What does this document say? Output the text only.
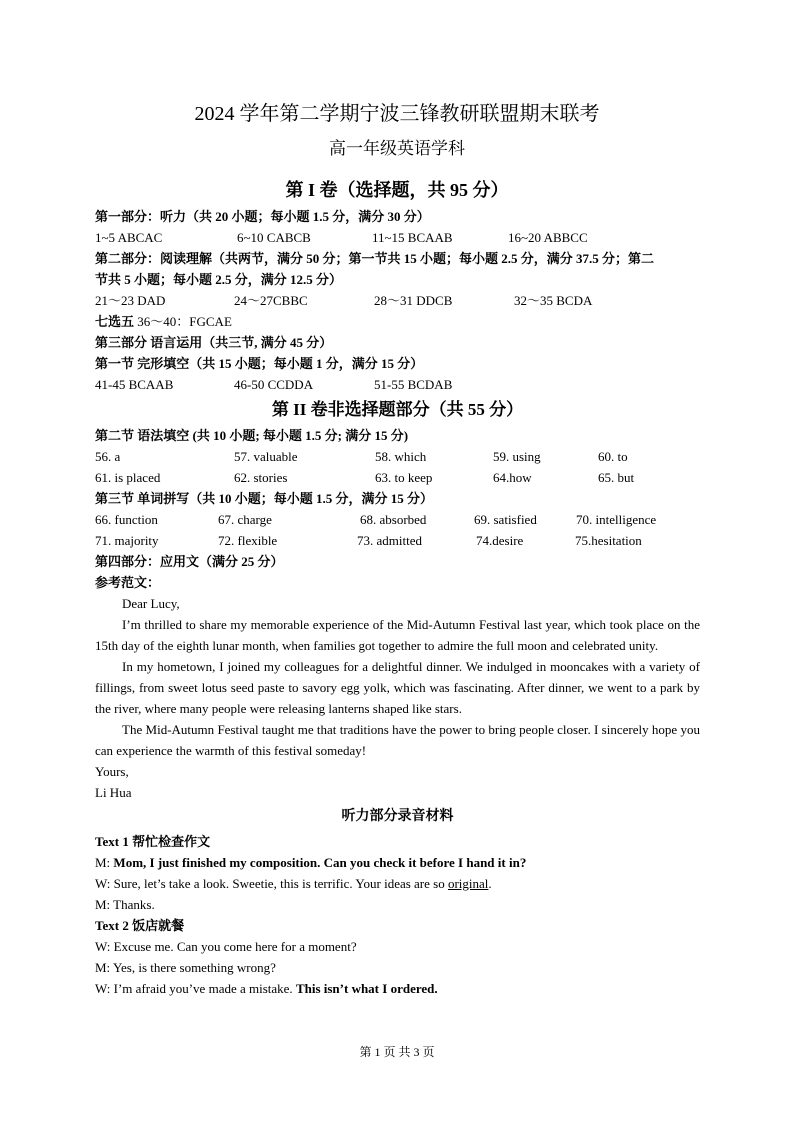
2024 学年第二学期宁波三锋教研联盟期末联考
高一年级英语学科
第 I 卷（选择题，共 95 分）
第一部分：听力（共 20 小题；每小题 1.5 分，满分 30 分）
1~5 ABCAC	6~10 CABCB	11~15 BCAAB	16~20 ABBCC
第二部分：阅读理解（共两节，满分 50 分；第一节共 15 小题；每小题 2.5 分，满分 37.5 分；第二
节共 5 小题；每小题 2.5 分，满分 12.5 分）
21～23 DAD	24～27CBBC	28～31 DDCB	32～35 BCDA
七选五 36～40：FGCAE
第三部分 语言运用（共三节, 满分 45 分）
第一节 完形填空（共 15 小题；每小题 1 分，满分 15 分）
41-45 BCAAB	46-50 CCDDA	51-55 BCDAB
第 II 卷非选择题部分（共 55 分）
第二节 语法填空 (共 10 小题; 每小题 1.5 分; 满分 15 分)
56. a	57. valuable	58. which	59. using	60. to
61. is placed	62. stories	63. to keep	64.how	65. but
第三节 单词拼写（共 10 小题；每小题 1.5 分，满分 15 分）
66. function	67. charge	68. absorbed	69. satisfied	70. intelligence
71. majority	72. flexible	73. admitted	74.desire	75.hesitation
第四部分：应用文（满分 25 分）
参考范文：
Dear Lucy,
I’m thrilled to share my memorable experience of the Mid-Autumn Festival last year, which took place on the 15th day of the eighth lunar month, when families got together to admire the full moon and celebrated unity.
In my hometown, I joined my colleagues for a delightful dinner. We indulged in mooncakes with a variety of fillings, from sweet lotus seed paste to savory egg yolk, which was fascinating. After dinner, we went to a park by the river, where many people were releasing lanterns shaped like stars.
The Mid-Autumn Festival taught me that traditions have the power to bring people closer. I sincerely hope you can experience the warmth of this festival someday!
Yours,
Li Hua
听力部分录音材料
Text 1 帮忙检查作文
M: Mom, I just finished my composition. Can you check it before I hand it in?
W: Sure, let’s take a look. Sweetie, this is terrific. Your ideas are so original.
M: Thanks.
Text 2 饭店就餐
W: Excuse me. Can you come here for a moment?
M: Yes, is there something wrong?
W: I’m afraid you’ve made a mistake. This isn’t what I ordered.
第 1 页 共 3 页
